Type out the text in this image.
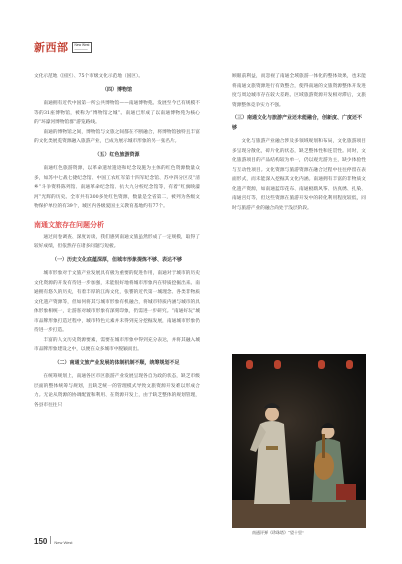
新西部 New West
————

文化示范地（国区）、75个市级文化示范地（国区）。

（四）博物馆

南通拥有近代中国第一所公共博物馆——南通博物苑。发展至今已有规模不等的31座博物馆，被称为“博物馆之城”。南通已形成了以南通博物苑为核心的“环濠河博物馆群”游览路线。

南通的博物馆之间，博物馆与文旅之间都在不断融合，将博物馆独特且丰富的文化类展览资源融入旅游产业，已成为展示城市形象的另一张名片。

（五）红色旅游资源

南通红色旅游资源，以革命遗址遗迹和纪念设施为主体的红色资源数量众多，如苏中七战七捷纪念馆、中国工农红军第十四军纪念馆、苏中四分区反“清乡”斗争资料陈列馆、南通革命纪念馆、抗大九分校纪念馆等，有着“红旗映濠河”光辉的历史。全市共有300多处红色资源，数量是全省第二，被列为各级文物保护单位的有39个，城区内各级爱国主义教育基地约有77个。

南通文旅存在问题分析

通过问卷调查、深度访谈，我们感到南通文旅虽然形成了一定规模，取得了较好成绩，但依然存在诸多问题与短板。

（一）历史文化底蕴深厚，但城市形象提炼不够、表达不够

城市形象对于文旅产业发展具有极为重要的促进作用，南通对于城市的历史文化资源的开发有待进一步加强，未能很好地将城市形象内在特质挖掘出来。南通拥有悠久的历史，有着丰厚的江海文化，张謇的近代第一城理念、各类非物质文化遗产资源等，但如何将其与城市形象有机融合，将城市特质内涵与城市的具体形象相统一，让游客对城市形象有深刻印象，仍需进一步研究。“南通好玩”城市品牌形象打造过程中，城市特色元素并未得到充分挖掘发展，南通城市形象仍待进一步打造。

丰富的人文历史资源要素，需要在城市形象中得到充分表达，并将其融入城市品牌形象建设之中，以便在众多城市中脱颖而出。

（二）南通文旅产业发展的体制机制不顺，统筹规划不足

在统筹规划上，南通各区市区旅游产业发展呈现各自为政的状态，缺乏市级层面的整体统筹与规划，且缺乏统一的管理模式导致文旅资源开发难以形成合力。无论从资源的协调配置和利用、在资源开发上，由于缺乏整体的规划管理，各县市往往只

顾眼前利益，而忽视了南通全域旅游一体化的整体效果，也未能将南通文旅资源进行有效整合，使得南通的文旅资源整体开发进度与周边城市存在较大差距。区域旅游资源开发相对滞后，文旅资源整体竞争实力不强。

（三）南通文化与旅游产业还未能融合，创新度、广度还不够

文化与旅游产业融合涉及多领域规划和布局，文化旅游项目多呈现分散化，碎片化的状态，缺乏整体性和连贯性。同时，文化旅游项目的产品结构较为单一，仍以观光游为主，缺少体验性与互动性项目。文化资源与旅游资源在融合过程中往往停留在表面形式，而未能深入挖掘其文化内涵。南通拥有丰富的非物质文化遗产资源，如南通蓝印花布、南通板鹞风筝、仿真绣、扎染、南通宫灯等，但这些资源在旅游开发中的转化利用程度较低，同时与旅游产业的融合尚处于浅层阶段。

南通评弹《珍珠塔》“望十里”
150 New West
